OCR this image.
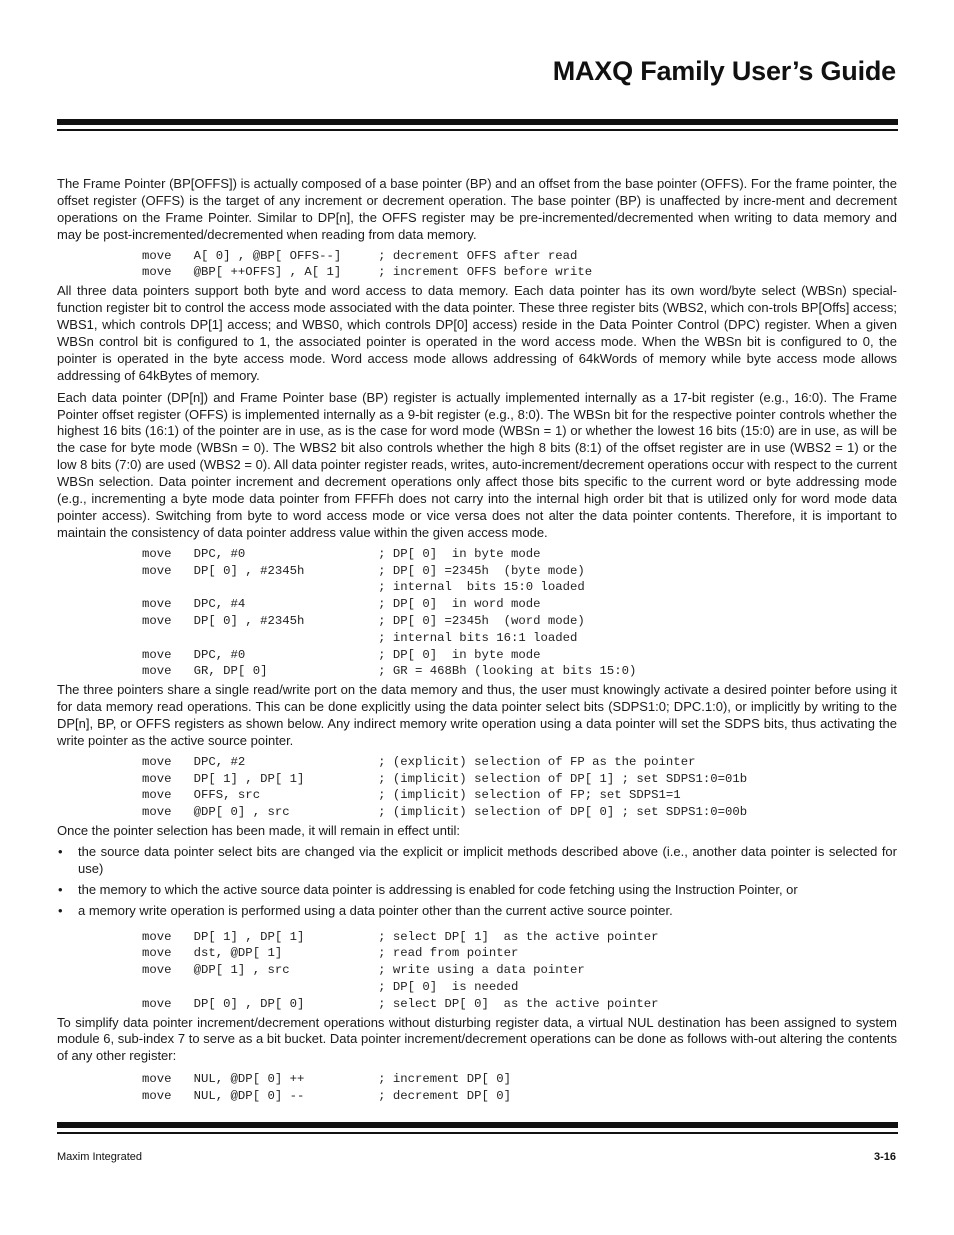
MAXQ Family User’s Guide

The Frame Pointer (BP[OFFS]) is actually composed of a base pointer (BP) and an offset from the base pointer (OFFS). For the frame pointer, the offset register (OFFS) is the target of any increment or decrement operation. The base pointer (BP) is unaffected by incre-ment and decrement operations on the Frame Pointer. Similar to DP[n], the OFFS register may be pre-incremented/decremented when writing to data memory and may be post-incremented/decremented when reading from data memory.

move   A[ 0] , @BP[ OFFS--]     ; decrement OFFS after read
move   @BP[ ++OFFS] , A[ 1]     ; increment OFFS before write

All three data pointers support both byte and word access to data memory. Each data pointer has its own word/byte select (WBSn) special-function register bit to control the access mode associated with the data pointer. These three register bits (WBS2, which con-trols BP[Offs] access; WBS1, which controls DP[1] access; and WBS0, which controls DP[0] access) reside in the Data Pointer Control (DPC) register. When a given WBSn control bit is configured to 1, the associated pointer is operated in the word access mode. When the WBSn bit is configured to 0, the pointer is operated in the byte access mode. Word access mode allows addressing of 64kWords of memory while byte access mode allows addressing of 64kBytes of memory.

Each data pointer (DP[n]) and Frame Pointer base (BP) register is actually implemented internally as a 17-bit register (e.g., 16:0). The Frame Pointer offset register (OFFS) is implemented internally as a 9-bit register (e.g., 8:0). The WBSn bit for the respective pointer controls whether the highest 16 bits (16:1) of the pointer are in use, as is the case for word mode (WBSn = 1) or whether the lowest 16 bits (15:0) are in use, as will be the case for byte mode (WBSn = 0). The WBS2 bit also controls whether the high 8 bits (8:1) of the offset register are in use (WBS2 = 1) or the low 8 bits (7:0) are used (WBS2 = 0). All data pointer register reads, writes, auto-increment/decrement operations occur with respect to the current WBSn selection. Data pointer increment and decrement operations only affect those bits specific to the current word or byte addressing mode (e.g., incrementing a byte mode data pointer from FFFFh does not carry into the internal high order bit that is utilized only for word mode data pointer access). Switching from byte to word access mode or vice versa does not alter the data pointer contents. Therefore, it is important to maintain the consistency of data pointer address value within the given access mode.

move   DPC, #0                  ; DP[ 0]  in byte mode
move   DP[ 0] , #2345h          ; DP[ 0] =2345h  (byte mode)
; internal  bits 15:0 loaded
move   DPC, #4                  ; DP[ 0]  in word mode
move   DP[ 0] , #2345h          ; DP[ 0] =2345h  (word mode)
; internal bits 16:1 loaded
move   DPC, #0                  ; DP[ 0]  in byte mode
move   GR, DP[ 0]               ; GR = 468Bh (looking at bits 15:0)

The three pointers share a single read/write port on the data memory and thus, the user must knowingly activate a desired pointer before using it for data memory read operations. This can be done explicitly using the data pointer select bits (SDPS1:0; DPC.1:0), or implicitly by writing to the DP[n], BP, or OFFS registers as shown below. Any indirect memory write operation using a data pointer will set the SDPS bits, thus activating the write pointer as the active source pointer.

move   DPC, #2                  ; (explicit) selection of FP as the pointer
move   DP[ 1] , DP[ 1]          ; (implicit) selection of DP[ 1] ; set SDPS1:0=01b
move   OFFS, src                ; (implicit) selection of FP; set SDPS1=1
move   @DP[ 0] , src            ; (implicit) selection of DP[ 0] ; set SDPS1:0=00b

Once the pointer selection has been made, it will remain in effect until:

• the source data pointer select bits are changed via the explicit or implicit methods described above (i.e., another data pointer is selected for use)
• the memory to which the active source data pointer is addressing is enabled for code fetching using the Instruction Pointer, or
• a memory write operation is performed using a data pointer other than the current active source pointer.
move   DP[ 1] , DP[ 1]          ; select DP[ 1]  as the active pointer
move   dst, @DP[ 1]             ; read from pointer
move   @DP[ 1] , src            ; write using a data pointer
; DP[ 0]  is needed
move   DP[ 0] , DP[ 0]          ; select DP[ 0]  as the active pointer

To simplify data pointer increment/decrement operations without disturbing register data, a virtual NUL destination has been assigned to system module 6, sub-index 7 to serve as a bit bucket. Data pointer increment/decrement operations can be done as follows with-out altering the contents of any other register:

move   NUL, @DP[ 0] ++          ; increment DP[ 0]
move   NUL, @DP[ 0] --          ; decrement DP[ 0]
Maxim Integrated	3-16
